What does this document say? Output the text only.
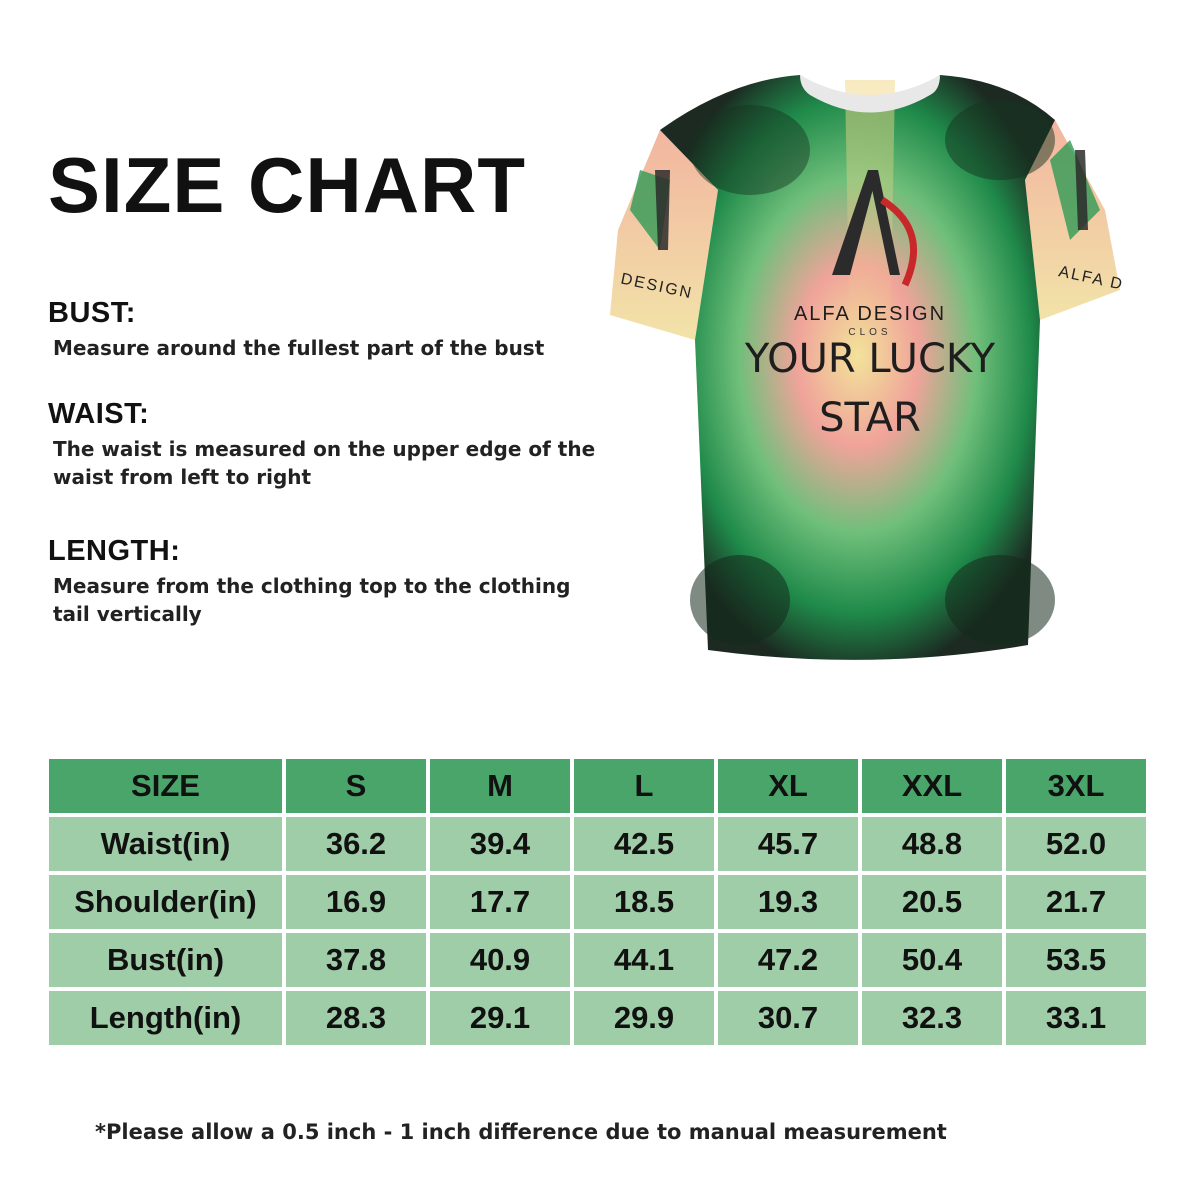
SIZE CHART

BUST:

Measure around the fullest part of the bust

WAIST:

The waist is measured on the upper edge of the waist from left to right

LENGTH:

Measure from the clothing top to the clothing tail vertically

ALFA DESIGN
CLOS
YOUR LUCKY
STAR
DESIGN	ALFA D
SIZE	S	M	L	XL	XXL	3XL
Waist(in)	36.2	39.4	42.5	45.7	48.8	52.0
Shoulder(in)	16.9	17.7	18.5	19.3	20.5	21.7
Bust(in)	37.8	40.9	44.1	47.2	50.4	53.5
Length(in)	28.3	29.1	29.9	30.7	32.3	33.1

*Please allow a 0.5 inch - 1 inch difference due to manual measurement
